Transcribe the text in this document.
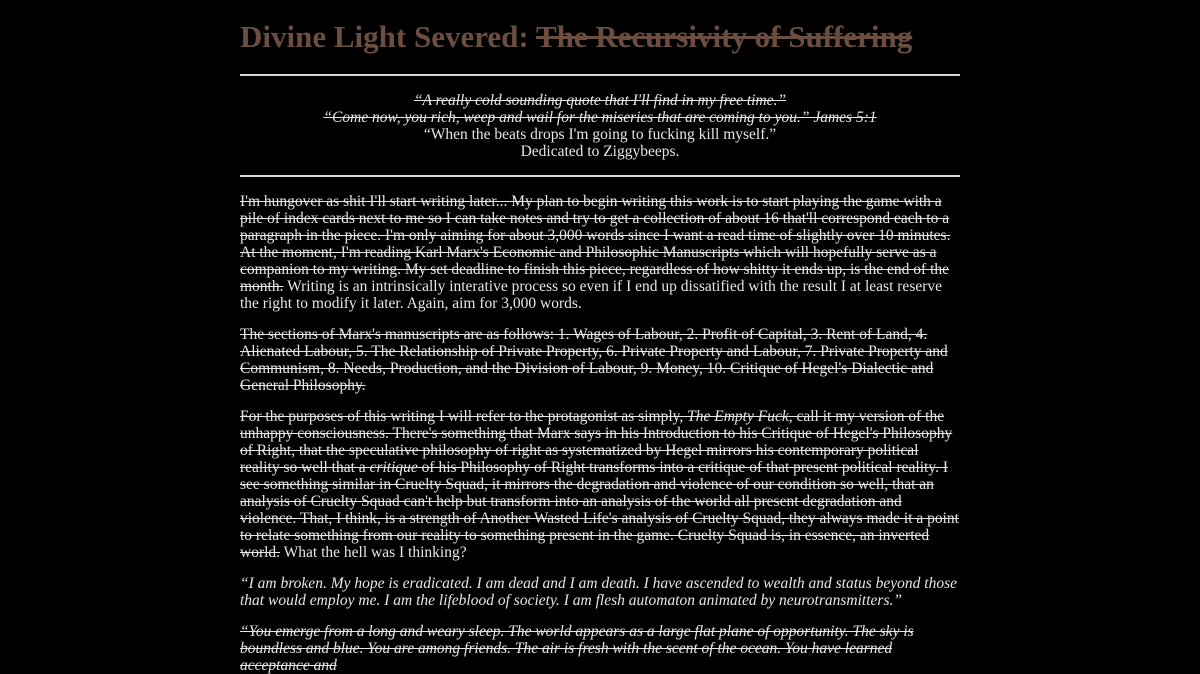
Divine Light Severed: The Recursivity of Suffering
“A really cold sounding quote that I'll find in my free time.”
“Come now, you rich, weep and wail for the miseries that are coming to you.” James 5:1
“When the beats drops I'm going to fucking kill myself.”
Dedicated to Ziggybeeps.

I'm hungover as shit I'll start writing later... My plan to begin writing this work is to start playing the game with a pile of index cards next to me so I can take notes and try to get a collection of about 16 that'll correspond each to a paragraph in the piece. I'm only aiming for about 3,000 words since I want a read time of slightly over 10 minutes. At the moment, I'm reading Karl Marx's Economic and Philosophic Manuscripts which will hopefully serve as a companion to my writing. My set deadline to finish this piece, regardless of how shitty it ends up, is the end of the month. Writing is an intrinsically interative process so even if I end up dissatified with the result I at least reserve the right to modify it later. Again, aim for 3,000 words.

The sections of Marx's manuscripts are as follows: 1. Wages of Labour, 2. Profit of Capital, 3. Rent of Land, 4. Alienated Labour, 5. The Relationship of Private Property, 6. Private Property and Labour, 7. Private Property and Communism, 8. Needs, Production, and the Division of Labour, 9. Money, 10. Critique of Hegel's Dialectic and General Philosophy.

For the purposes of this writing I will refer to the protagonist as simply, The Empty Fuck, call it my version of the unhappy consciousness. There's something that Marx says in his Introduction to his Critique of Hegel's Philosophy of Right, that the speculative philosophy of right as systematized by Hegel mirrors his contemporary political reality so well that a critique of his Philosophy of Right transforms into a critique of that present political reality. I see something similar in Cruelty Squad, it mirrors the degradation and violence of our condition so well, that an analysis of Cruelty Squad can't help but transform into an analysis of the world all present degradation and violence. That, I think, is a strength of Another Wasted Life's analysis of Cruelty Squad, they always made it a point to relate something from our reality to something present in the game. Cruelty Squad is, in essence, an inverted world. What the hell was I thinking?

“I am broken. My hope is eradicated. I am dead and I am death. I have ascended to wealth and status beyond those that would employ me. I am the lifeblood of society. I am flesh automaton animated by neurotransmitters.”

“You emerge from a long and weary sleep. The world appears as a large flat plane of opportunity. The sky is boundless and blue. You are among friends. The air is fresh with the scent of the ocean. You have learned acceptance and
